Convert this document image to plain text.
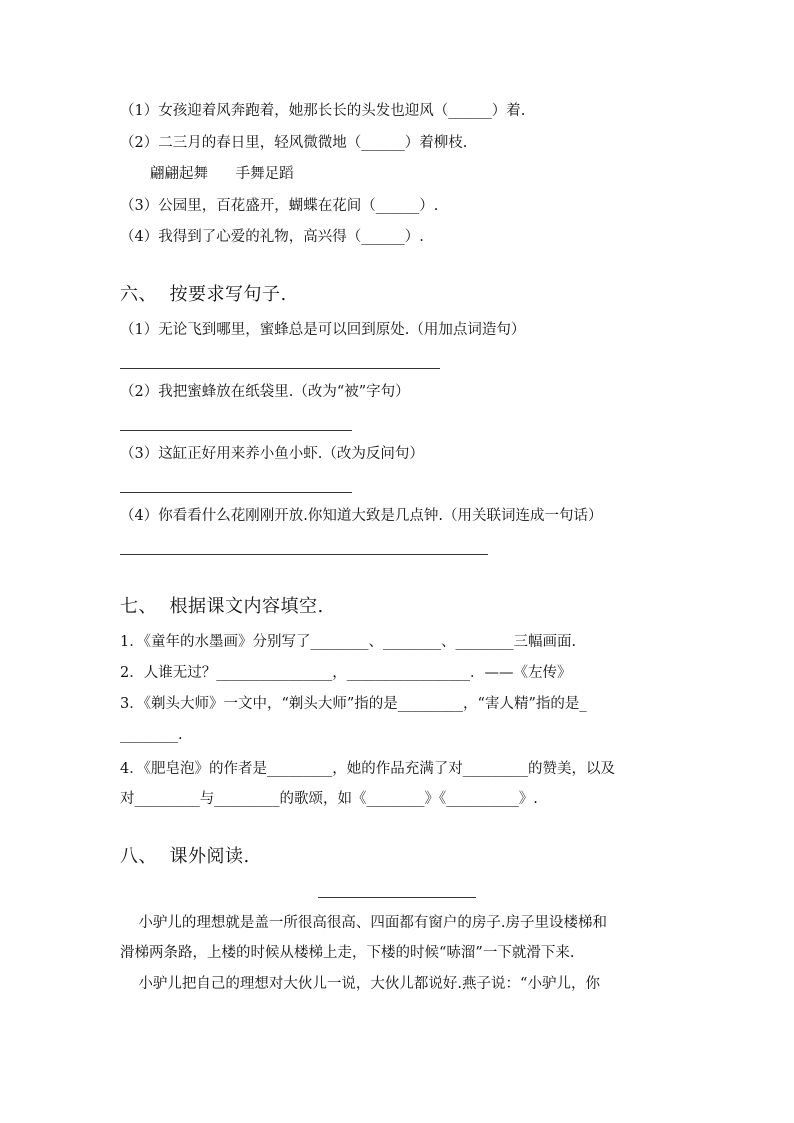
（1）女孩迎着风奔跑着，她那长长的头发也迎风（______）着.
（2）二三月的春日里，轻风微微地（______）着柳枝.
翩翩起舞      手舞足蹈
（3）公园里，百花盛开，蝴蝶在花间（______）.
（4）我得到了心爱的礼物，高兴得（______）.
六、  按要求写句子.
（1）无论飞到哪里，蜜蜂总是可以回到原处.（用加点词造句）
（2）我把蜜蜂放在纸袋里.（改为“被”字句）
（3）这缸正好用来养小鱼小虾.（改为反问句）
（4）你看看什么花刚刚开放.你知道大致是几点钟.（用关联词连成一句话）
七、  根据课文内容填空.
1．《童年的水墨画》分别写了________、________、________三幅画面.
2．人谁无过？________________，_________________．——《左传》
3．《剃头大师》一文中，“剃头大师”指的是_________，“害人精”指的是_
________.
4．《肥皂泡》的作者是_________，她的作品充满了对_________的赞美，以及
对_________与_________的歌颂，如《________》《__________》.
八、  课外阅读.
小驴儿的理想就是盖一所很高很高、四面都有窗户的房子.房子里设楼梯和
滑梯两条路，上楼的时候从楼梯上走，下楼的时候“哧溜”一下就滑下来.
小驴儿把自己的理想对大伙儿一说，大伙儿都说好.燕子说：“小驴儿，你
